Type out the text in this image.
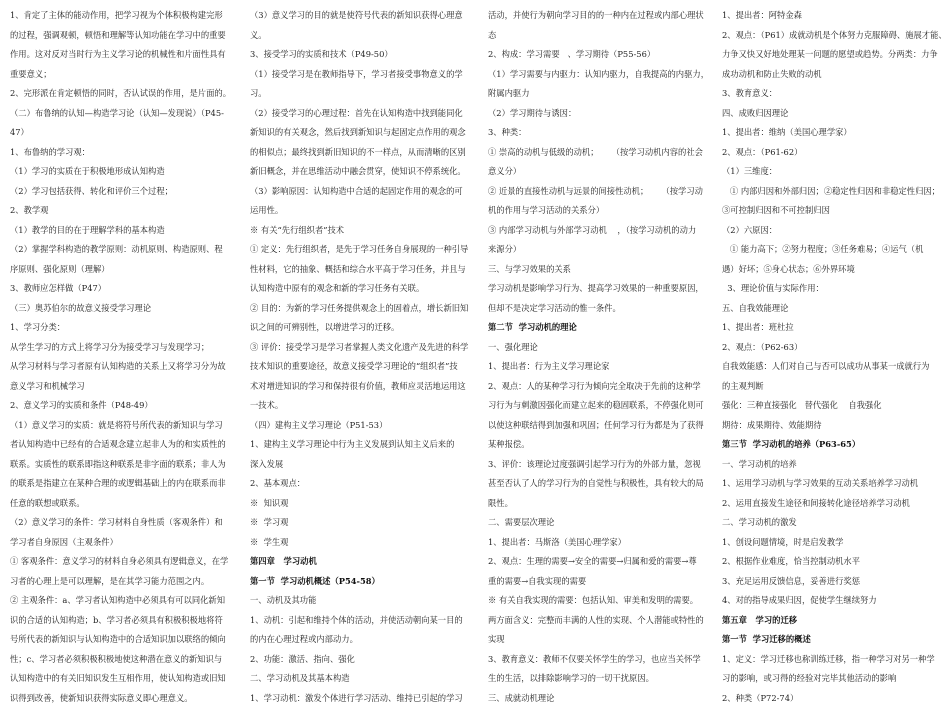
1、肯定了主体的能动作用，把学习视为个体积极构建完形

的过程，强调观顿，顿悟和理解等认知功能在学习中的重要

作用。这对反对当时行为主义学习论的机械性和片面性具有

重要意义；

2、完形派在肯定顿悟的同时，否认试误的作用，是片面的。

（二）布鲁纳的认知—构造学习论（认知—发现说）（P45-

47）

1、布鲁纳的学习观：

（1）学习的实质在于积极地形成认知构造

（2）学习包括获得、转化和评价三个过程；

2、教学观

（1）教学的目的在于理解学科的基本构造

（2）掌握学科构造的教学原则：动机原则、构造原则、程

序原则、强化原则（理解）

3、教师应怎样做（P47）

（三）奥苏伯尔的故意义接受学习理论

1、学习分类：

从学生学习的方式上将学习分为接受学习与发现学习；

从学习材料与学习者原有认知构造的关系上又将学习分为故

意义学习和机械学习

2、意义学习的实质和条件（P48-49）

（1）意义学习的实质：就是将符号所代表的新知识与学习

者认知构造中已经有的合适观念建立起非人为的和实质性的

联系。实质性的联系即指这种联系是非字面的联系；非人为

的联系是指建立在某种合理的或逻辑基础上的内在联系而非

任意的联想或联系。

（2）意义学习的条件：学习材料自身性质（客观条件）和

学习者自身原因（主观条件）

① 客观条件：意义学习的材料自身必须具有逻辑意义，在学

习者的心理上是可以理解，是在其学习能力范围之内。

② 主观条件：a、学习者认知构造中必须具有可以同化新知

识的合适的认知构造；b、学习者必须具有积极积极地将符

号所代表的新知识与认知构造中的合适知识加以联络的倾向

性；c、学习者必须积极积极地使这种潜在意义的新知识与

认知构造中的有关旧知识发生互相作用，使认知构造或旧知

识得到改善，使新知识获得实际意义即心理意义。

（3）意义学习的目的就是使符号代表的新知识获得心理意

义。

3、接受学习的实质和技术（P49-50）

（1）接受学习是在教师指导下，学习者接受事物意义的学

习。

（2）接受学习的心理过程：首先在认知构造中找到能同化

新知识的有关观念，然后找到新知识与起固定点作用的观念

的相似点；最终找到新旧知识的不一样点，从而清晰的区别

新旧概念，并在思维活动中融会贯穿，使知识不停系统化。

（3）影响原因：认知构造中合适的起固定作用的观念的可

运用性。

※ 有关“先行组织者”技术

① 定义：先行组织者，是先于学习任务自身展现的一种引导

性材料，它的抽象、概括和综合水平高于学习任务，并且与

认知构造中原有的观念和新的学习任务有关联。

② 目的：为新的学习任务提供观念上的固着点，增长新旧知

识之间的可辨别性，以增进学习的迁移。

③ 评价：接受学习是学习者掌握人类文化遗产及先进的科学

技术知识的重要途径，故意义接受学习理论的“组织者”技

术对增进知识的学习和保持很有价值，教师应灵活地运用这

一技术。

（四）建构主义学习理论（P51-53）

1、建构主义学习理论中行为主义发展到认知主义后来的

深入发展

2、基本观点：

※  知识观

※  学习观

※  学生观

第四章   学习动机

第一节  学习动机概述（P54-58）

一、动机及其功能

1、动机：引起和维持个体的活动，并使活动朝向某一目的

的内在心理过程或内部动力。

2、功能：激活、指向、强化

二、学习动机及其基本构造

1、学习动机：激发个体进行学习活动、维持已引起的学习

活动，并使行为朝向学习目的的一种内在过程或内部心理状

态

2、构成：学习需要   、学习期待（P55-56）

（1）学习需要与内驱力：认知内驱力，自我提高的内驱力，

附属内驱力

（2）学习期待与诱因：

3、种类：

① 崇高的动机与低级的动机；     （按学习动机内容的社会

意义分）

② 近景的直接性动机与远景的间接性动机；     （按学习动

机的作用与学习活动的关系分）

③ 内部学习动机与外部学习动机    ，（按学习动机的动力

来源分）

三、与学习效果的关系

学习动机是影响学习行为、提高学习效果的一种重要原因，

但却不是决定学习活动的惟一条件。

第二节  学习动机的理论

一、强化理论

1、提出者：行为主义学习理论家

2、观点：人的某种学习行为倾向完全取决于先前的这种学

习行为与刺激因强化而建立起来的稳固联系，不停强化则可

以使这种联结得到加强和巩固；任何学习行为都是为了获得

某种报偿。

3、评价：该理论过度强调引起学习行为的外部力量，忽视

甚至否认了人的学习行为的自觉性与积极性，具有较大的局

限性。

二、需要层次理论

1、提出者：马斯洛（美国心理学家）

2、观点：生理的需要→安全的需要→归属和爱的需要→尊

重的需要→自我实现的需要

※ 有关自我实现的需要：包括认知、审美和发明的需要。

两方面含义：完整而丰满的人性的实现、个人潜能或特性的

实现

3、教育意义：教师不仅要关怀学生的学习，也应当关怀学

生的生活，以排除影响学习的一切干扰原因。

三、成就动机理论

1、提出者：阿特金森

2、观点：（P61）成就动机是个体努力克服障碍、施展才能、

力争又快又好地处理某一问题的愿望或趋势。分两类：力争

成功动机和防止失败的动机

3、教育意义：

四、成败归因理论

1、提出者：维纳（美国心理学家）

2、观点：（P61-62）

（1）三维度：

① 内部归因和外部归因；②稳定性归因和非稳定性归因；

③可控制归因和不可控制归因

（2）六原因：

① 能力高下；②努力程度；③任务难易；④运气（机

遇）好坏；⑤身心状态；⑥外界环境

3、理论价值与实际作用：

五、自我效能理论

1、提出者：班杜拉

2、观点：（P62-63）

自我效能感：人们对自己与否可以成功从事某一成就行为

的主观判断

强化：三种直接强化   替代强化    自我强化

期待：成果期待、效能期待

第三节  学习动机的培养（P63-65）

一、学习动机的培养

1、运用学习动机与学习效果的互动关系培养学习动机

2、运用直接发生途径和间接转化途径培养学习动机

二、学习动机的激发

1、创设问题情境，时是启发教学

2、根据作业难度，恰当控制动机水平

3、充足运用反馈信息，妥善进行奖惩

4、对的指导成果归因，促使学生继续努力

第五章   学习的迁移

第一节  学习迁移的概述

1、定义：学习迁移也称训练迁移，指一种学习对另一种学

习的影响，或习得的经验对完毕其他活动的影响

2、种类（P72-74）
